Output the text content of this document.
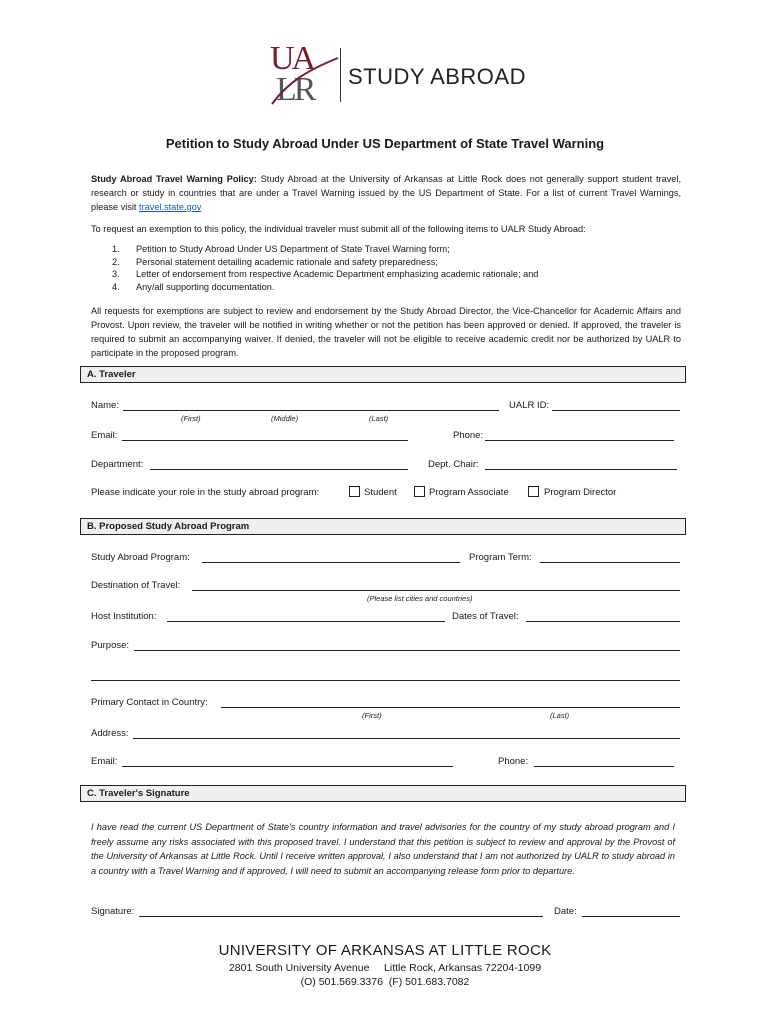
UA
LR STUDY ABROAD
Petition to Study Abroad Under US Department of State Travel Warning
Study Abroad Travel Warning Policy: Study Abroad at the University of Arkansas at Little Rock does not generally support student travel, research or study in countries that are under a Travel Warning issued by the US Department of State. For a list of current Travel Warnings, please visit travel.state.gov
To request an exemption to this policy, the individual traveler must submit all of the following items to UALR Study Abroad:
1.	Petition to Study Abroad Under US Department of State Travel Warning form;
2.	Personal statement detailing academic rationale and safety preparedness;
3.	Letter of endorsement from respective Academic Department emphasizing academic rationale; and
4.	Any/all supporting documentation.
All requests for exemptions are subject to review and endorsement by the Study Abroad Director, the Vice-Chancellor for Academic Affairs and Provost. Upon review, the traveler will be notified in writing whether or not the petition has been approved or denied. If approved, the traveler is required to submit an accompanying waiver. If denied, the traveler will not be eligible to receive academic credit nor be authorized by UALR to participate in the proposed program.
A. Traveler
Name:	UALR ID:
(First)	(Middle)	(Last)
Email:	Phone:
Department:	Dept. Chair:
Please indicate your role in the study abroad program:	Student	Program Associate	Program Director
B. Proposed Study Abroad Program
Study Abroad Program:	Program Term:
Destination of Travel:
(Please list cities and countries)
Host Institution:	Dates of Travel:
Purpose:
Primary Contact in Country:
(First)	(Last)
Address:
Email:	Phone:
C. Traveler's Signature
I have read the current US Department of State’s country information and travel advisories for the country of my study abroad program and I freely assume any risks associated with this proposed travel. I understand that this petition is subject to review and approval by the Provost of the University of Arkansas at Little Rock. Until I receive written approval, I also understand that I am not authorized by UALR to study abroad in a country with a Travel Warning and if approved, I will need to submit an accompanying release form prior to departure.
Signature:	Date:
UNIVERSITY OF ARKANSAS AT LITTLE ROCK
2801 South University Avenue     Little Rock, Arkansas 72204-1099
(O) 501.569.3376  (F) 501.683.7082
